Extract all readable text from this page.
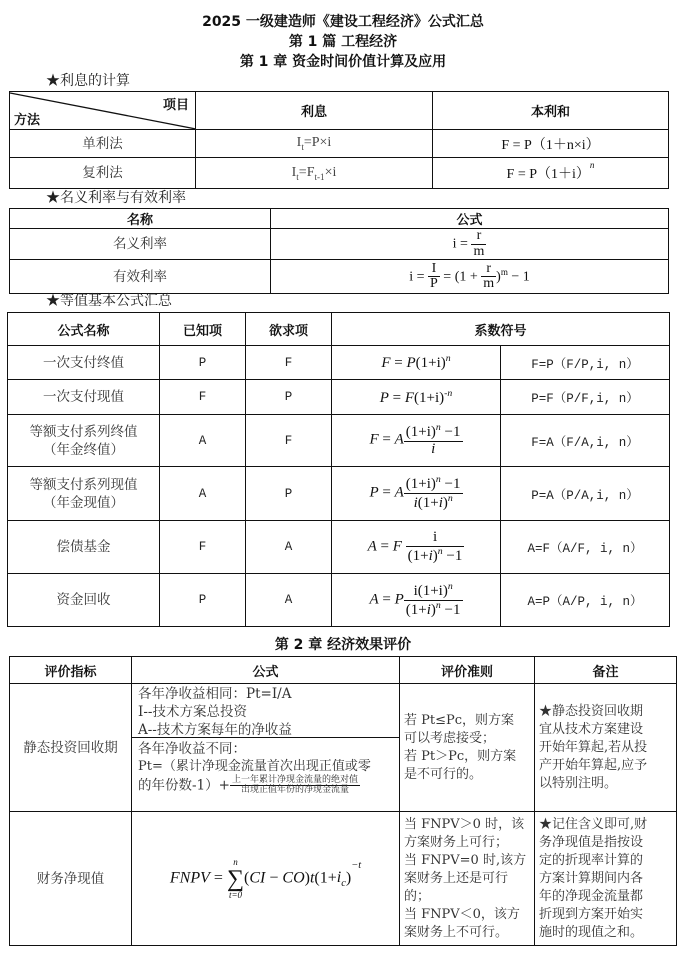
2025 一级建造师《建设工程经济》公式汇总
第 1 篇 工程经济
第 1 章 资金时间价值计算及应用
★利息的计算
项目
方法
	利息	本利和
单利法	$I_t=P\times i$	F = P（1＋n×i）
复利法	$I_t=F_{t-1}\times i$	$F = P(1+i)^n$
★名义利率与有效利率
名称	公式
名义利率	$i = \frac{r}{m}$

有效利率	$i = \frac{I}{P} = (1 + \frac{r}{m} )^m - 1$
★等值基本公式汇总
公式名称	已知项	欲求项	系数符号
一次支付终值	P	F	$F = P(1+i)^n$	F=P（F/P,i, n）
一次支付现值	F	P	$P = F(1+i)^{-n}$	P=F（P/F,i, n）

等额支付系列终值
（年金终值）
	A	F	F = A $\frac{(1+i)^n -1}{i}$	F=A（F/A,i, n）

等额支付系列现值
（年金现值）
	A	P	P = A $\frac{(1+i)^n -1}{i(1+i)^n}$	P=A（P/A,i, n）
偿债基金	F	A	A = F $\frac{i}{(1+i)^n -1}$	A=F（A/F, i, n）
资金回收	P	A	A = P $\frac{i(1+i)^n}{(1+i)^n -1}$	A=P（A/P, i, n）
第 2 章 经济效果评价
评价指标	公式	评价准则	备注
静态投资回收期	
各年净收益相同：Pt=I/A
I--技术方案总投资
A--技术方案每年的净收益
各年净收益不同：
Pt=（累计净现金流量首次出现正值或零
的年份数$-1)+ \frac{\text{上一年累计净现金流量的绝对值}}{\text{出现正值年份的净现金流量}}$

若 Pt≤Pc，则方案
可以考虑接受；
若 Pt＞Pc，则方案
是不可行的。

★静态投资回收期
宜从技术方案建设
开始年算起,若从投
产开始年算起,应予
以特别注明。

财务净现值	FNPV =
n
∑
t=0
$(CI - CO)t(1+i_c)^{-t}$	
当 FNPV＞0 时，该
方案财务上可行；
当 FNPV=0 时,该方
案财务上还是可行
的；
当 FNPV＜0，该方
案财务上不可行。

★记住含义即可,财
务净现值是指按设
定的折现率计算的
方案计算期间内各
年的净现金流量都
折现到方案开始实
施时的现值之和。
